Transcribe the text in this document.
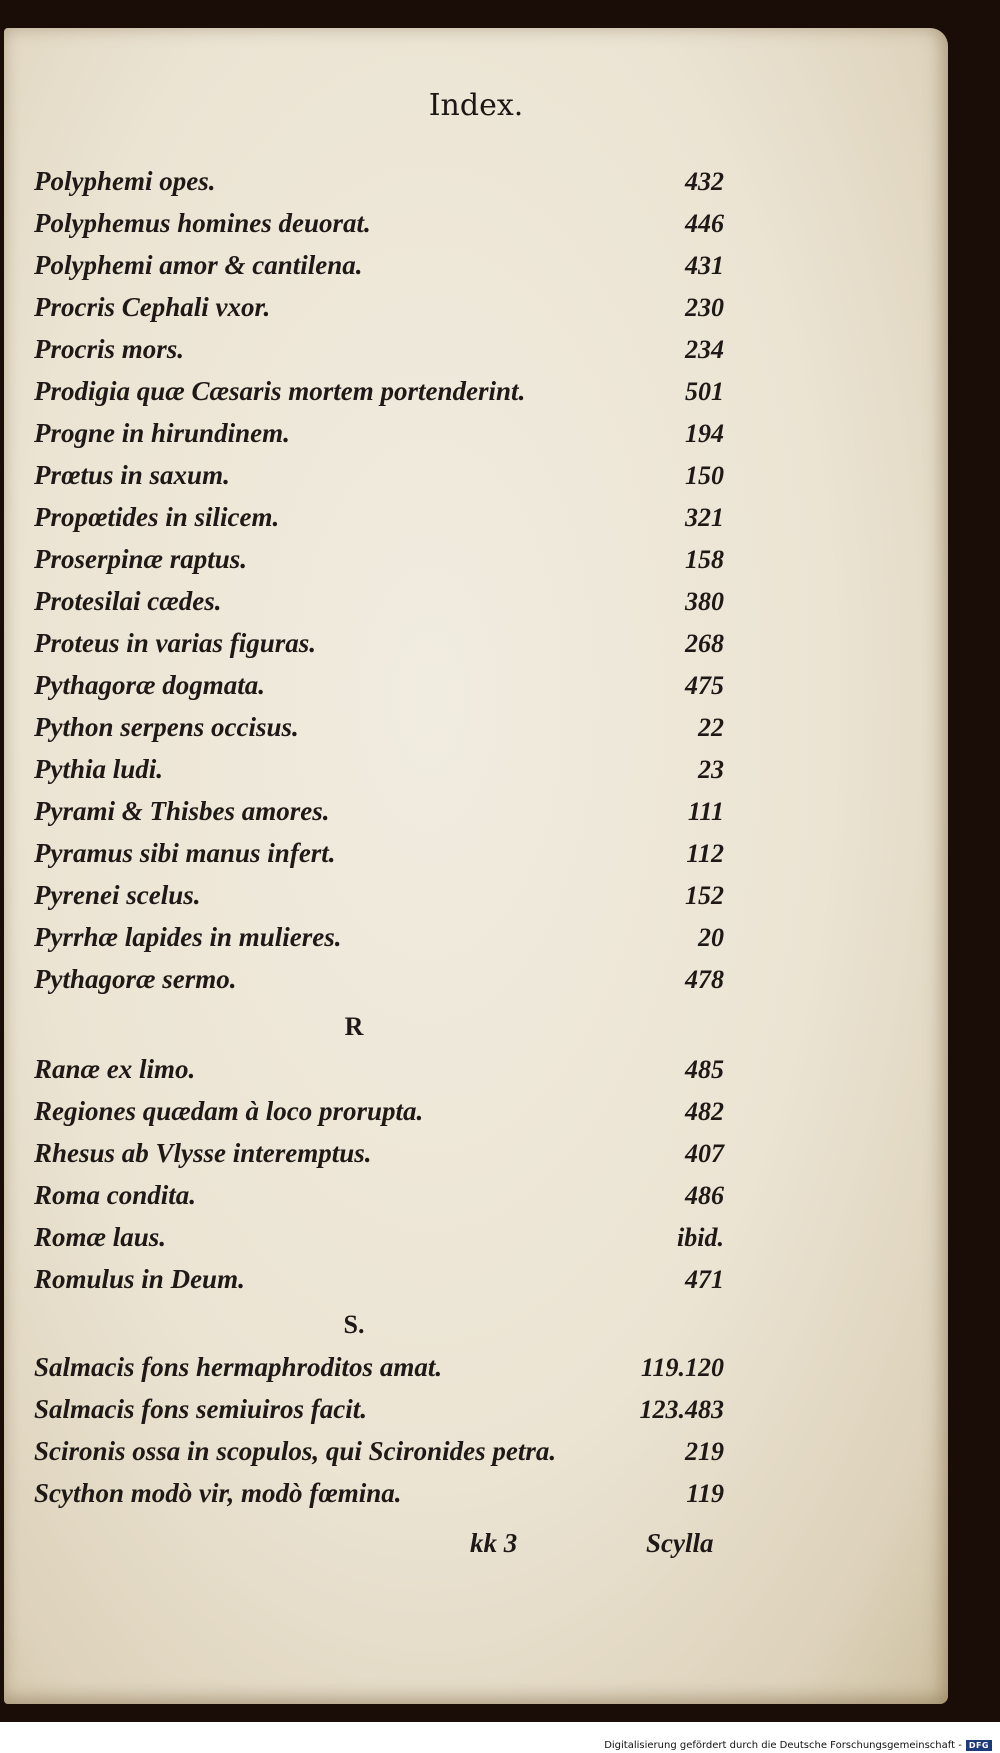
Index.
Polyphemi opes.	432
Polyphemus homines deuorat.	446
Polyphemi amor & cantilena.	431
Procris Cephali vxor.	230
Procris mors.	234
Prodigia quæ Cæsaris mortem portenderint.	501
Progne in hirundinem.	194
Prœtus in saxum.	150
Propœtides in silicem.	321
Proserpinæ raptus.	158
Protesilai cædes.	380
Proteus in varias figuras.	268
Pythagoræ dogmata.	475
Python serpens occisus.	22
Pythia ludi.	23
Pyrami & Thisbes amores.	111
Pyramus sibi manus infert.	112
Pyrenei scelus.	152
Pyrrhæ lapides in mulieres.	20
Pythagoræ sermo.	478
R
Ranæ ex limo.	485
Regiones quædam à loco prorupta.	482
Rhesus ab Vlysse interemptus.	407
Roma condita.	486
Romæ laus.	ibid.
Romulus in Deum.	471
S.
Salmacis fons hermaphroditos amat.	119.120
Salmacis fons semiuiros facit.	123.483
Scironis ossa in scopulos, qui Scironides petra.	219
Scython modò vir, modò fœmina.	119
kk 3	Scylla
Digitalisierung gefördert durch die Deutsche Forschungsgemeinschaft - DFG
